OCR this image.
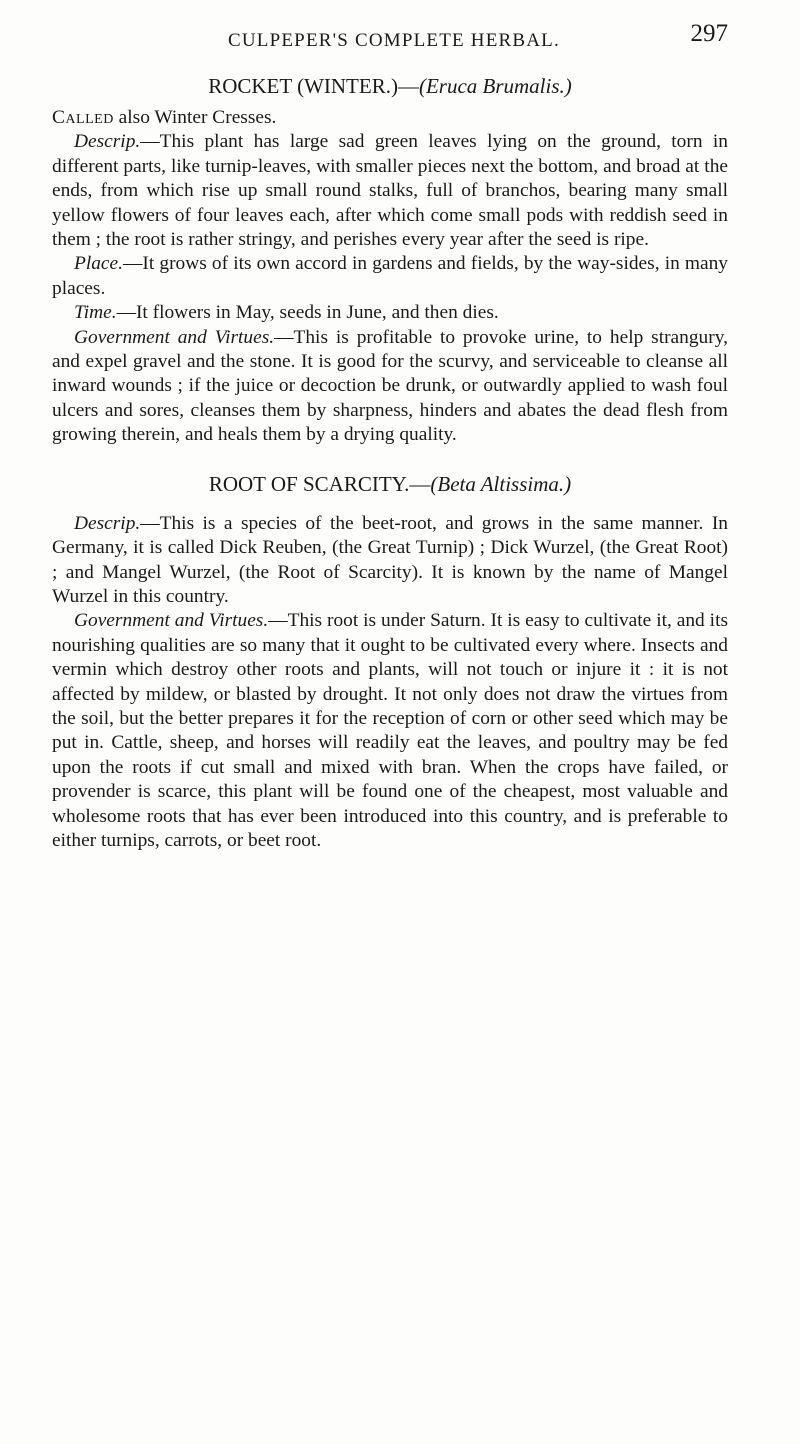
CULPEPER'S COMPLETE HERBAL.	297
ROCKET (WINTER.)—(Eruca Brumalis.)

Called also Winter Cresses.

Descrip.—This plant has large sad green leaves lying on the ground, torn in different parts, like turnip-leaves, with smaller pieces next the bottom, and broad at the ends, from which rise up small round stalks, full of branchos, bearing many small yellow flowers of four leaves each, after which come small pods with reddish seed in them ; the root is rather stringy, and perishes every year after the seed is ripe.

Place.—It grows of its own accord in gardens and fields, by the way-sides, in many places.

Time.—It flowers in May, seeds in June, and then dies.

Government and Virtues.—This is profitable to provoke urine, to help strangury, and expel gravel and the stone. It is good for the scurvy, and serviceable to cleanse all inward wounds ; if the juice or decoction be drunk, or outwardly applied to wash foul ulcers and sores, cleanses them by sharpness, hinders and abates the dead flesh from growing therein, and heals them by a drying quality.

ROOT OF SCARCITY.—(Beta Altissima.)

Descrip.—This is a species of the beet-root, and grows in the same manner. In Germany, it is called Dick Reuben, (the Great Turnip) ; Dick Wurzel, (the Great Root) ; and Mangel Wurzel, (the Root of Scarcity). It is known by the name of Mangel Wurzel in this country.

Government and Virtues.—This root is under Saturn. It is easy to cultivate it, and its nourishing qualities are so many that it ought to be cultivated every where. Insects and vermin which destroy other roots and plants, will not touch or injure it : it is not affected by mildew, or blasted by drought. It not only does not draw the virtues from the soil, but the better prepares it for the reception of corn or other seed which may be put in. Cattle, sheep, and horses will readily eat the leaves, and poultry may be fed upon the roots if cut small and mixed with bran. When the crops have failed, or provender is scarce, this plant will be found one of the cheapest, most valuable and wholesome roots that has ever been introduced into this country, and is preferable to either turnips, carrots, or beet root.
